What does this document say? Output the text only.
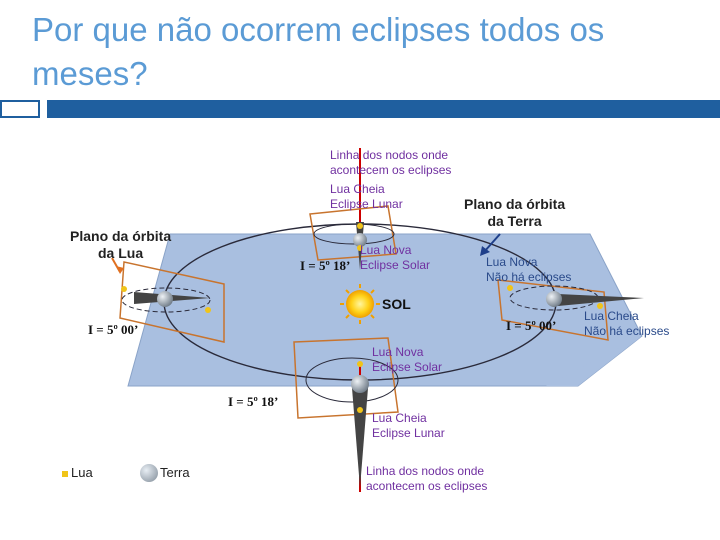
Por que não ocorrem eclipses todos os meses?
Linha dos nodos onde
acontecem os eclipses
Lua Cheia
Eclipse Lunar
Lua Nova
Eclipse Solar	Lua Nova
Não há eclipses
Lua Cheia
Não há eclipses
Lua Nova
Eclipse Solar
Lua Cheia
Eclipse Lunar
Linha dos nodos onde
acontecem os eclipses
Plano da órbita
da Terra
Plano da órbita
da Lua
SOL
I = 5º 18’
I = 5º 00’	I = 5º 00’
I = 5º 18’
Lua	Terra
